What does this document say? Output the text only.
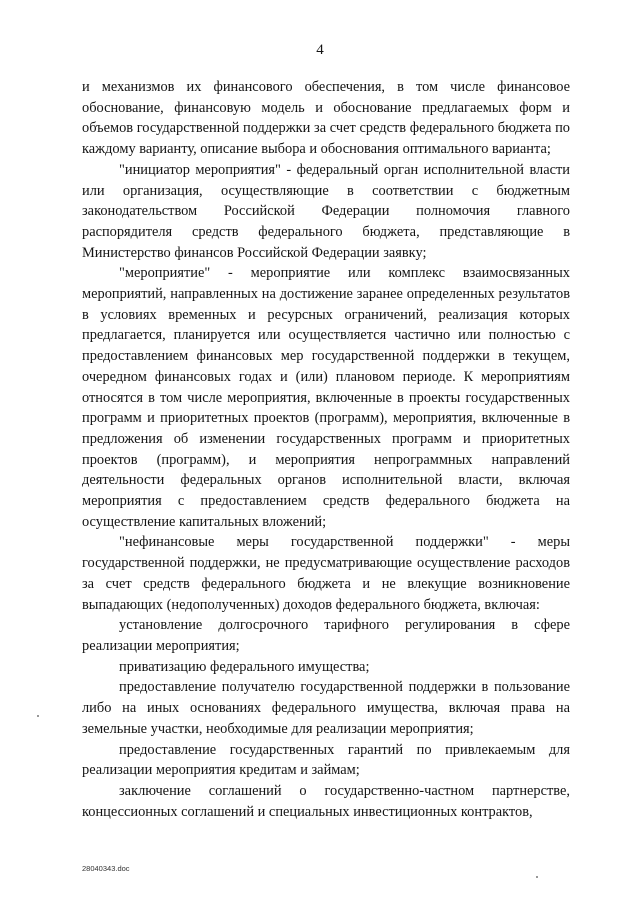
4

и механизмов их финансового обеспечения, в том числе финансовое обоснование, финансовую модель и обоснование предлагаемых форм и объемов государственной поддержки за счет средств федерального бюджета по каждому варианту, описание выбора и обоснования оптимального варианта;

"инициатор мероприятия" - федеральный орган исполнительной власти или организация, осуществляющие в соответствии с бюджетным законодательством Российской Федерации полномочия главного распорядителя средств федерального бюджета, представляющие в Министерство финансов Российской Федерации заявку;

"мероприятие" - мероприятие или комплекс взаимосвязанных мероприятий, направленных на достижение заранее определенных результатов в условиях временных и ресурсных ограничений, реализация которых предлагается, планируется или осуществляется частично или полностью с предоставлением финансовых мер государственной поддержки в текущем, очередном финансовых годах и (или) плановом периоде. К мероприятиям относятся в том числе мероприятия, включенные в проекты государственных программ и приоритетных проектов (программ), мероприятия, включенные в предложения об изменении государственных программ и приоритетных проектов (программ), и мероприятия непрограммных направлений деятельности федеральных органов исполнительной власти, включая мероприятия с предоставлением средств федерального бюджета на осуществление капитальных вложений;

"нефинансовые меры государственной поддержки" - меры государственной поддержки, не предусматривающие осуществление расходов за счет средств федерального бюджета и не влекущие возникновение выпадающих (недополученных) доходов федерального бюджета, включая:

установление долгосрочного тарифного регулирования в сфере реализации мероприятия;

приватизацию федерального имущества;

предоставление получателю государственной поддержки в пользование либо на иных основаниях федерального имущества, включая права на земельные участки, необходимые для реализации мероприятия;

предоставление государственных гарантий по привлекаемым для реализации мероприятия кредитам и займам;

заключение соглашений о государственно-частном партнерстве, концессионных соглашений и специальных инвестиционных контрактов,

28040343.doc
